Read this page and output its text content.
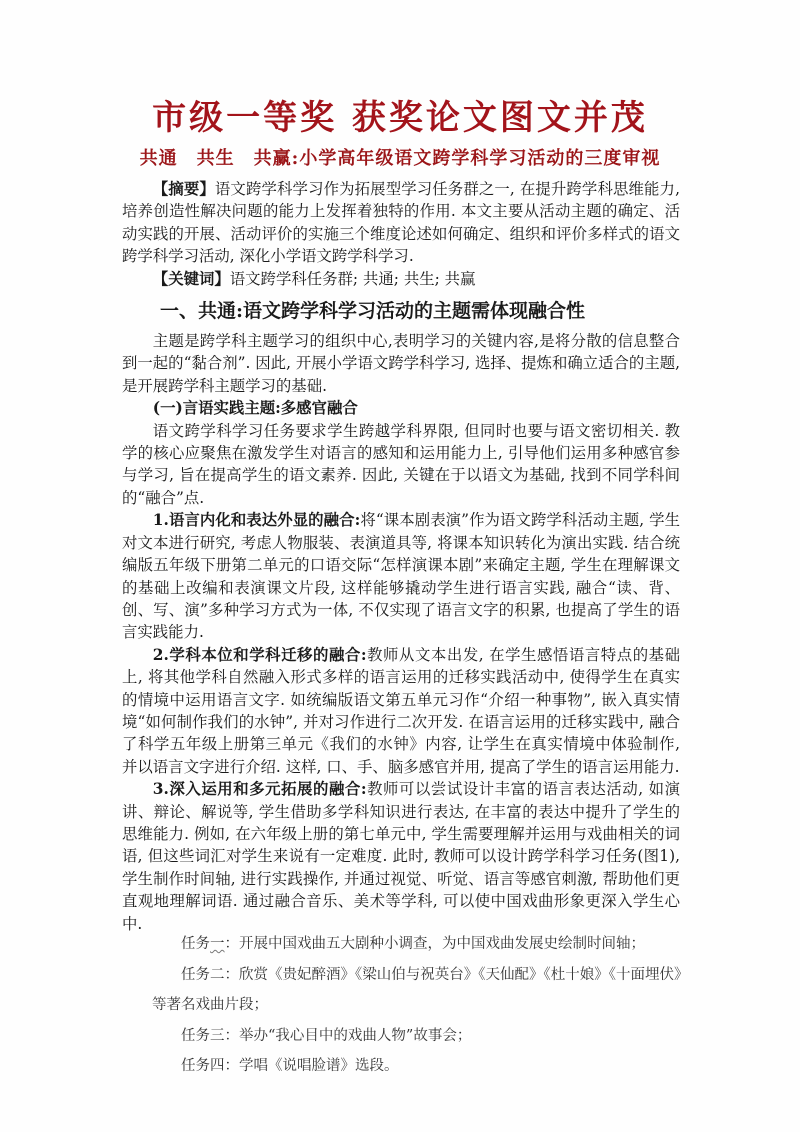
市级一等奖 获奖论文图文并茂
共通　共生　共赢:小学高年级语文跨学科学习活动的三度审视

【摘要】语文跨学科学习作为拓展型学习任务群之一, 在提升跨学科思维能力, 培养创造性解决问题的能力上发挥着独特的作用. 本文主要从活动主题的确定、活动实践的开展、活动评价的实施三个维度论述如何确定、组织和评价多样式的语文跨学科学习活动, 深化小学语文跨学科学习.

【关键词】语文跨学科任务群; 共通; 共生; 共赢

一、共通:语文跨学科学习活动的主题需体现融合性

主题是跨学科主题学习的组织中心,表明学习的关键内容,是将分散的信息整合到一起的“黏合剂”. 因此, 开展小学语文跨学科学习, 选择、提炼和确立适合的主题, 是开展跨学科主题学习的基础.

(一)言语实践主题:多感官融合

语文跨学科学习任务要求学生跨越学科界限, 但同时也要与语文密切相关. 教学的核心应聚焦在激发学生对语言的感知和运用能力上, 引导他们运用多种感官参与学习, 旨在提高学生的语文素养. 因此, 关键在于以语文为基础, 找到不同学科间的“融合”点.

1.语言内化和表达外显的融合:将“课本剧表演”作为语文跨学科活动主题, 学生对文本进行研究, 考虑人物服装、表演道具等, 将课本知识转化为演出实践. 结合统编版五年级下册第二单元的口语交际“怎样演课本剧”来确定主题, 学生在理解课文的基础上改编和表演课文片段, 这样能够撬动学生进行语言实践, 融合“读、背、创、写、演”多种学习方式为一体, 不仅实现了语言文字的积累, 也提高了学生的语言实践能力.

2.学科本位和学科迁移的融合:教师从文本出发, 在学生感悟语言特点的基础上, 将其他学科自然融入形式多样的语言运用的迁移实践活动中, 使得学生在真实的情境中运用语言文字. 如统编版语文第五单元习作“介绍一种事物”, 嵌入真实情境“如何制作我们的水钟”, 并对习作进行二次开发. 在语言运用的迁移实践中, 融合了科学五年级上册第三单元《我们的水钟》内容, 让学生在真实情境中体验制作, 并以语言文字进行介绍. 这样, 口、手、脑多感官并用, 提高了学生的语言运用能力.

3.深入运用和多元拓展的融合:教师可以尝试设计丰富的语言表达活动, 如演讲、辩论、解说等, 学生借助多学科知识进行表达, 在丰富的表达中提升了学生的思维能力. 例如, 在六年级上册的第七单元中, 学生需要理解并运用与戏曲相关的词语, 但这些词汇对学生来说有一定难度. 此时, 教师可以设计跨学科学习任务(图1), 学生制作时间轴, 进行实践操作, 并通过视觉、听觉、语言等感官刺激, 帮助他们更直观地理解词语. 通过融合音乐、美术等学科, 可以使中国戏曲形象更深入学生心中.

任务一：开展中国戏曲五大剧种小调查，为中国戏曲发展史绘制时间轴；

任务二：欣赏《贵妃醉酒》《梁山伯与祝英台》《天仙配》《杜十娘》《十面埋伏》等著名戏曲片段；

任务三：举办“我心目中的戏曲人物”故事会；

任务四：学唱《说唱脸谱》选段。
